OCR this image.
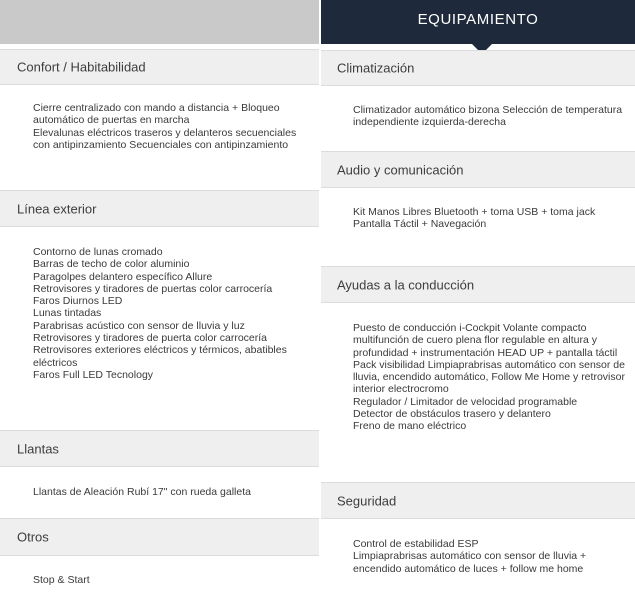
EQUIPAMIENTO
Confort / Habitabilidad
Cierre centralizado con mando a distancia + Bloqueo automático de puertas en marcha
Elevalunas eléctricos traseros y delanteros secuenciales con antipinzamiento Secuenciales con antipinzamiento
Línea exterior
Contorno de lunas cromado
Barras de techo de color aluminio
Paragolpes delantero específico Allure
Retrovisores y tiradores de puertas color carrocería
Faros Diurnos LED
Lunas tintadas
Parabrisas acústico con sensor de lluvia y luz
Retrovisores y tiradores de puerta color carrocería
Retrovisores exteriores eléctricos y térmicos, abatibles eléctricos
Faros Full LED Tecnology
Llantas
Llantas de Aleación Rubí 17" con rueda galleta
Otros
Stop & Start
Climatización
Climatizador automático bizona Selección de temperatura independiente izquierda-derecha
Audio y comunicación
Kit Manos Libres Bluetooth + toma USB + toma jack
Pantalla Táctil + Navegación
Ayudas a la conducción
Puesto de conducción i-Cockpit Volante compacto multifunción de cuero plena flor regulable en altura y profundidad + instrumentación HEAD UP + pantalla táctil
Pack visibilidad Limpiaprabrisas automático con sensor de lluvia, encendido automático, Follow Me Home y retrovisor interior electrocromo
Regulador / Limitador de velocidad programable
Detector de obstáculos trasero y delantero
Freno de mano eléctrico
Seguridad
Control de estabilidad ESP
Limpiaprabrisas automático con sensor de lluvia + encendido automático de luces + follow me home
